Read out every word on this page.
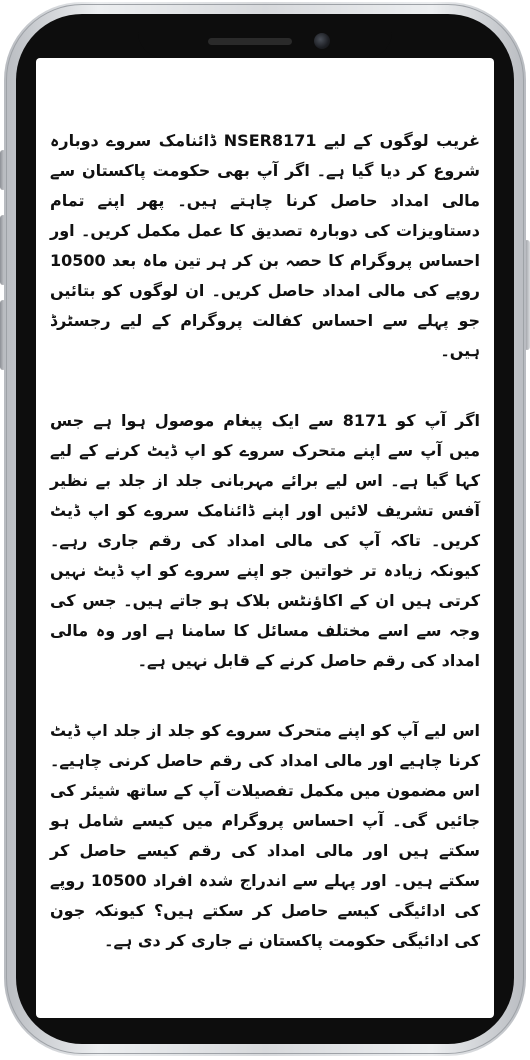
غریب لوگوں کے لیے NSER8171 ڈائنامک سروے دوبارہ شروع کر دیا گیا ہے۔ اگر آپ بھی حکومت پاکستان سے مالی امداد حاصل کرنا چاہتے ہیں۔ پھر اپنے تمام دستاویزات کی دوبارہ تصدیق کا عمل مکمل کریں۔ اور احساس پروگرام کا حصہ بن کر ہر تین ماہ بعد 10500 روپے کی مالی امداد حاصل کریں۔ ان لوگوں کو بتائیں جو پہلے سے احساس کفالت پروگرام کے لیے رجسٹرڈ ہیں۔

اگر آپ کو 8171 سے ایک پیغام موصول ہوا ہے جس میں آپ سے اپنے متحرک سروے کو اپ ڈیٹ کرنے کے لیے کہا گیا ہے۔ اس لیے برائے مہربانی جلد از جلد بے نظیر آفس تشریف لائیں اور اپنے ڈائنامک سروے کو اپ ڈیٹ کریں۔ تاکہ آپ کی مالی امداد کی رقم جاری رہے۔ کیونکہ زیادہ تر خواتین جو اپنے سروے کو اپ ڈیٹ نہیں کرتی ہیں ان کے اکاؤنٹس بلاک ہو جاتے ہیں۔ جس کی وجہ سے اسے مختلف مسائل کا سامنا ہے اور وہ مالی امداد کی رقم حاصل کرنے کے قابل نہیں ہے۔

اس لیے آپ کو اپنے متحرک سروے کو جلد از جلد اپ ڈیٹ کرنا چاہیے اور مالی امداد کی رقم حاصل کرنی چاہیے۔ اس مضمون میں مکمل تفصیلات آپ کے ساتھ شیئر کی جائیں گی۔ آپ احساس پروگرام میں کیسے شامل ہو سکتے ہیں اور مالی امداد کی رقم کیسے حاصل کر سکتے ہیں۔ اور پہلے سے اندراج شدہ افراد 10500 روپے کی ادائیگی کیسے حاصل کر سکتے ہیں؟ کیونکہ جون کی ادائیگی حکومت پاکستان نے جاری کر دی ہے۔
